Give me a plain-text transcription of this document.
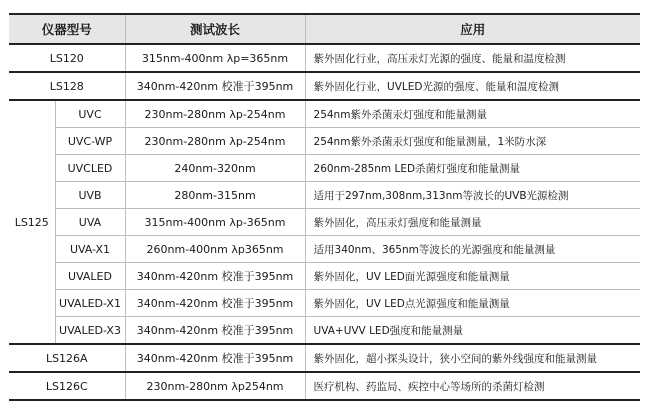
仪器型号		测试波长	应用
LS120		315nm-400nm λp=365nm	紫外固化行业，高压汞灯光源的强度、能量和温度检测
LS128		340nm-420nm 校准于395nm	紫外固化行业，UVLED光源的强度、能量和温度检测
LS125	UVC	230nm-280nm λp-254nm	254nm紫外杀菌汞灯强度和能量测量
	UVC-WP	230nm-280nm λp-254nm	254nm紫外杀菌汞灯强度和能量测量，1米防水深
	UVCLED	240nm-320nm	260nm-285nm LED杀菌灯强度和能量测量
	UVB	280nm-315nm	适用于297nm,308nm,313nm等波长的UVB光源检测
	UVA	315nm-400nm λp-365nm	紫外固化，高压汞灯强度和能量测量
	UVA-X1	260nm-400nm λp365nm	适用340nm、365nm等波长的光源强度和能量测量
	UVALED	340nm-420nm 校准于395nm	紫外固化，UV LED面光源强度和能量测量
	UVALED-X1	340nm-420nm 校准于395nm	紫外固化，UV LED点光源强度和能量测量
	UVALED-X3	340nm-420nm 校准于395nm	UVA+UVV LED强度和能量测量
LS126A		340nm-420nm 校准于395nm	紫外固化，超小探头设计，狭小空间的紫外线强度和能量测量
LS126C		230nm-280nm λp254nm	医疗机构、药监局、疾控中心等场所的杀菌灯检测
